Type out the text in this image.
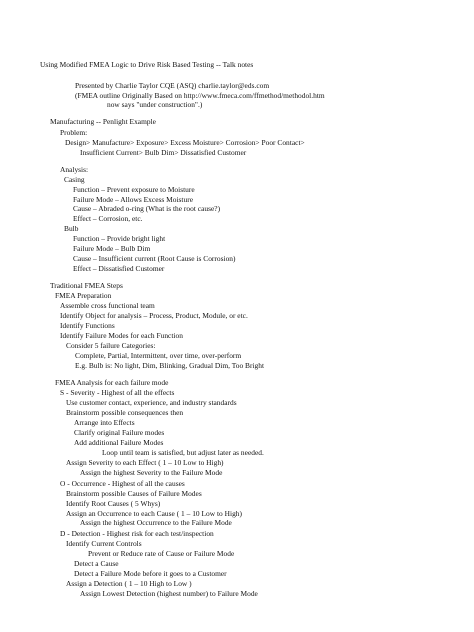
Using Modified FMEA Logic to Drive Risk Based Testing -- Talk notes
Presented by Charlie Taylor CQE (ASQ) charlie.taylor@eds.com
(FMEA outline Originally Based on http://www.fmeca.com/ffmethod/methodol.htm
now says "under construction".)
Manufacturing -- Penlight Example
Problem:
Design> Manufacture> Exposure> Excess Moisture> Corrosion> Poor Contact>
Insufficient Current> Bulb Dim> Dissatisfied Customer
Analysis:
Casing
Function – Prevent exposure to Moisture
Failure Mode – Allows Excess Moisture
Cause – Abraded o-ring (What is the root cause?)
Effect – Corrosion, etc.
Bulb
Function – Provide bright light
Failure Mode – Bulb Dim
Cause – Insufficient current (Root Cause is Corrosion)
Effect – Dissatisfied Customer
Traditional FMEA Steps
FMEA Preparation
Assemble cross functional team
Identify Object for analysis – Process, Product, Module, or etc.
Identify Functions
Identify Failure Modes for each Function
Consider 5 failure Categories:
Complete, Partial, Intermittent, over time, over-perform
E.g. Bulb is: No light, Dim, Blinking, Gradual Dim, Too Bright
FMEA Analysis for each failure mode
S - Severity - Highest of all the effects
Use customer contact, experience, and industry standards
Brainstorm possible consequences then
Arrange into Effects
Clarify original Failure modes
Add additional Failure Modes
Loop until team is satisfied, but adjust later as needed.
Assign Severity to each Effect ( 1 – 10 Low to High)
Assign the highest Severity to the Failure Mode
O - Occurrence - Highest of all the causes
Brainstorm possible Causes of Failure Modes
Identify Root Causes ( 5 Whys)
Assign an Occurrence to each Cause ( 1 – 10 Low to High)
Assign the highest Occurrence to the Failure Mode
D - Detection - Highest risk for each test/inspection
Identify Current Controls
Prevent or Reduce rate of Cause or Failure Mode
Detect a Cause
Detect a Failure Mode before it goes to a Customer
Assign a Detection ( 1 – 10 High to Low )
Assign Lowest Detection (highest number) to Failure Mode
